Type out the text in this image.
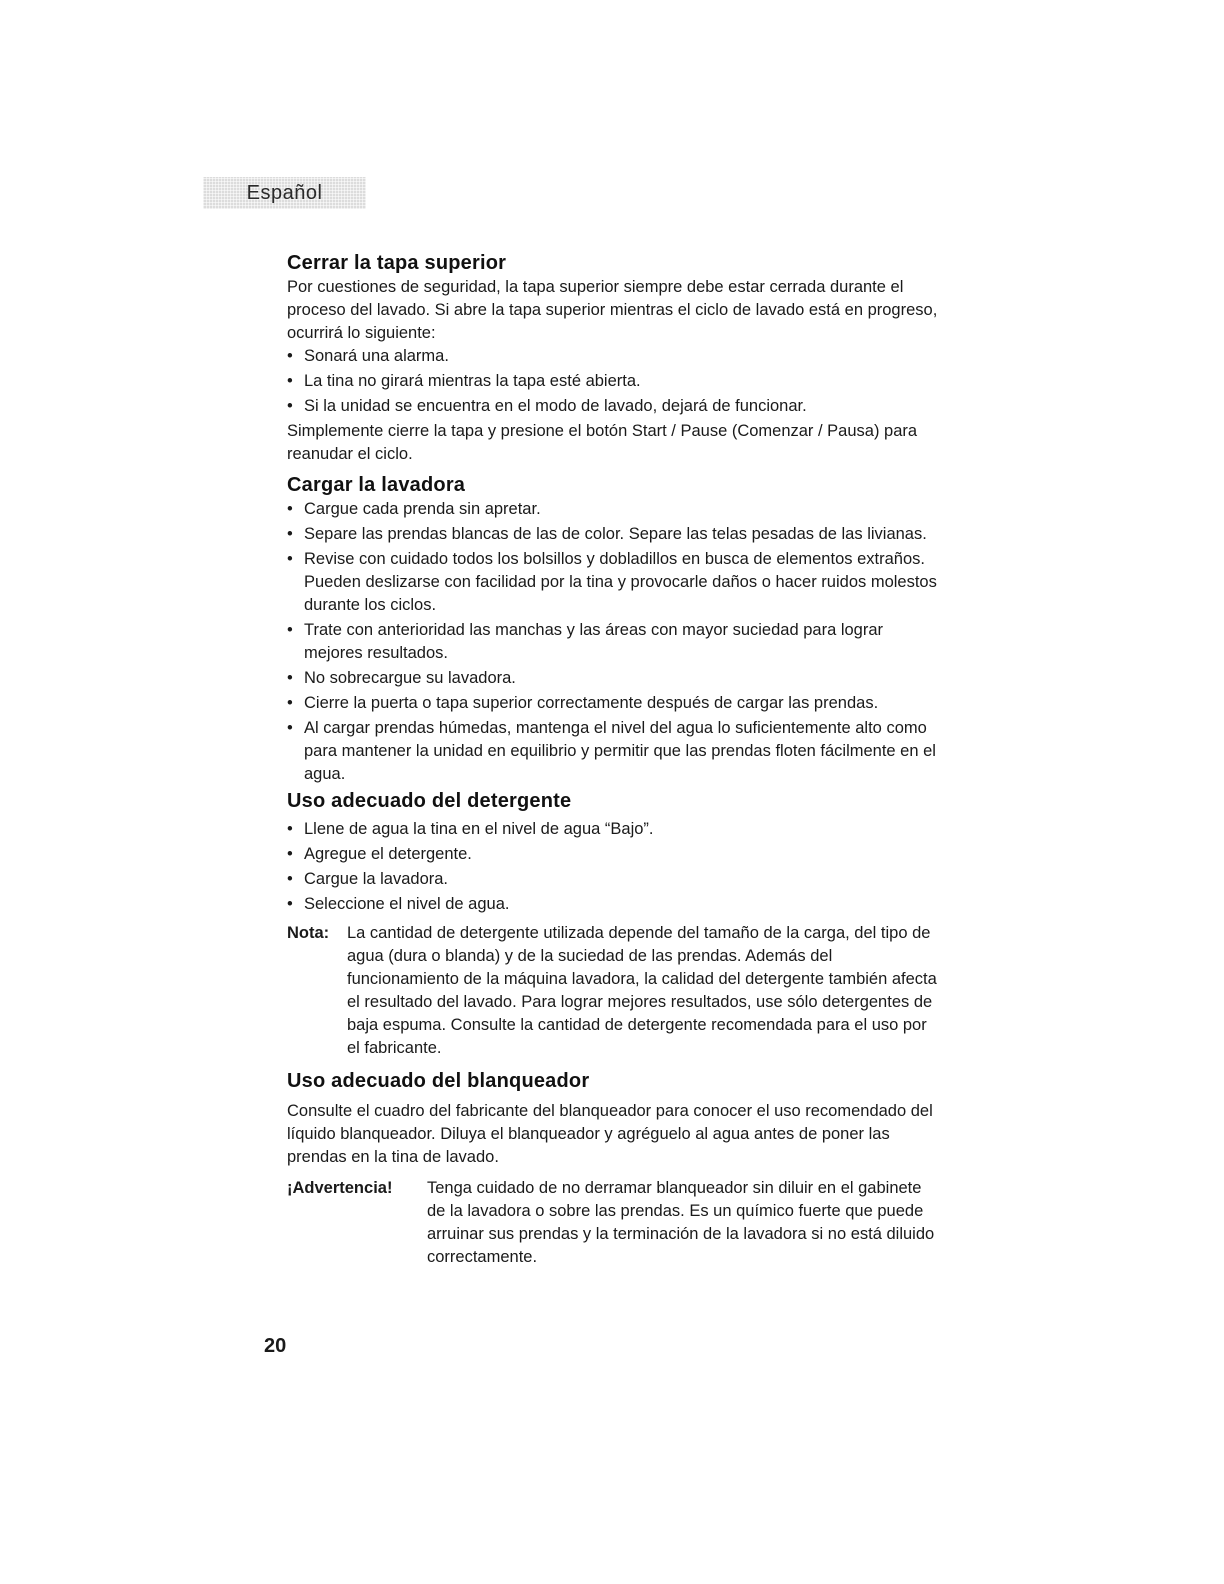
Español
Cerrar la tapa superior

Por cuestiones de seguridad, la tapa superior siempre debe estar cerrada durante el proceso del lavado. Si abre la tapa superior mientras el ciclo de lavado está en progreso, ocurrirá lo siguiente:

• Sonará una alarma.
• La tina no girará mientras la tapa esté abierta.
• Si la unidad se encuentra en el modo de lavado, dejará de funcionar.

Simplemente cierre la tapa y presione el botón Start / Pause (Comenzar / Pausa) para reanudar el ciclo.

Cargar la lavadora
• Cargue cada prenda sin apretar.
• Separe las prendas blancas de las de color. Separe las telas pesadas de las livianas.
• Revise con cuidado todos los bolsillos y dobladillos en busca de elementos extraños. Pueden deslizarse con facilidad por la tina y provocarle daños o hacer ruidos molestos durante los ciclos.
• Trate con anterioridad las manchas y las áreas con mayor suciedad para lograr mejores resultados.
• No sobrecargue su lavadora.
• Cierre la puerta o tapa superior correctamente después de cargar las prendas.
• Al cargar prendas húmedas, mantenga el nivel del agua lo suficientemente alto como para mantener la unidad en equilibrio y permitir que las prendas floten fácilmente en el agua.
Uso adecuado del detergente
• Llene de agua la tina en el nivel de agua “Bajo”.
• Agregue el detergente.
• Cargue la lavadora.
• Seleccione el nivel de agua.
Nota:	La cantidad de detergente utilizada depende del tamaño de la carga, del tipo de agua (dura o blanda) y de la suciedad de las prendas. Además del funcionamiento de la máquina lavadora, la calidad del detergente también afecta el resultado del lavado. Para lograr mejores resultados, use sólo detergentes de baja espuma. Consulte la cantidad de detergente recomendada para el uso por el fabricante.
Uso adecuado del blanqueador

Consulte el cuadro del fabricante del blanqueador para conocer el uso recomendado del líquido blanqueador. Diluya el blanqueador y agréguelo al agua antes de poner las prendas en la tina de lavado.

¡Advertencia!	Tenga cuidado de no derramar blanqueador sin diluir en el gabinete de la lavadora o sobre las prendas. Es un químico fuerte que puede arruinar sus prendas y la terminación de la lavadora si no está diluido correctamente.
20
